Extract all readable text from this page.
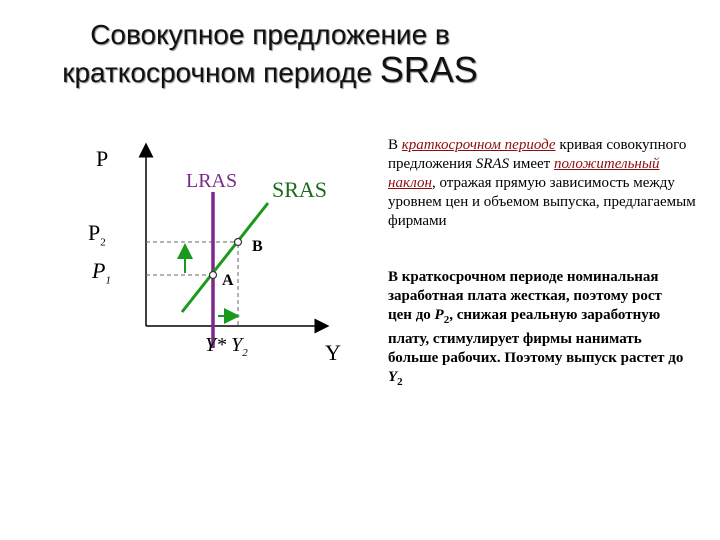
Совокупное предложение в
краткосрочном периоде SRAS
P
$P_2$
$P_1$
LRAS SRAS
B
A
Y* $Y_2$	Y
В краткосрочном периоде кривая совокупного предложения SRAS имеет положительный наклон, отражая прямую зависимость между уровнем цен и объемом выпуска, предлагаемым фирмами
В краткосрочном периоде номинальная заработная плата жесткая, поэтому рост цен до $P_2$, снижая реальную заработную плату, стимулирует фирмы нанимать больше рабочих. Поэтому выпуск растет до $Y_2$
